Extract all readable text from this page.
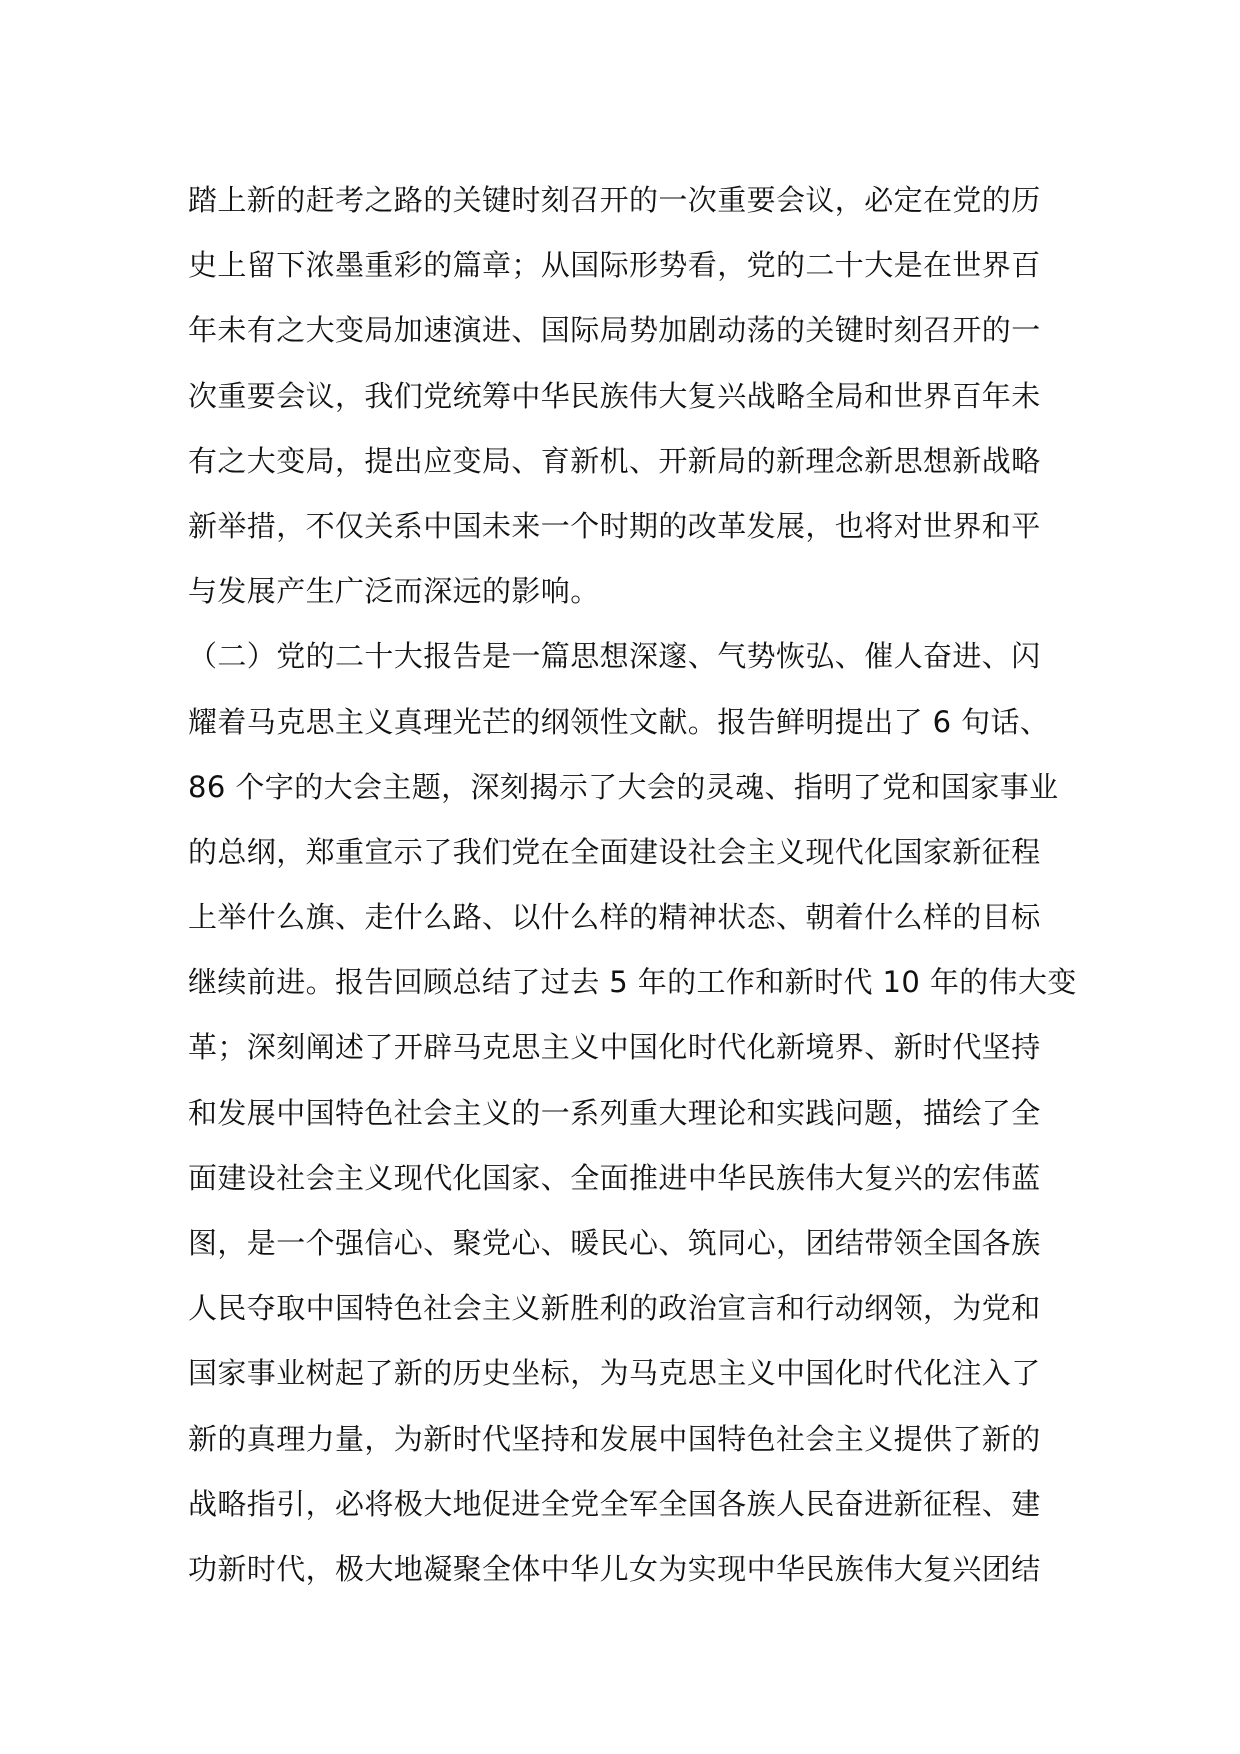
踏上新的赶考之路的关键时刻召开的一次重要会议，必定在党的历
史上留下浓墨重彩的篇章；从国际形势看，党的二十大是在世界百
年未有之大变局加速演进、国际局势加剧动荡的关键时刻召开的一
次重要会议，我们党统筹中华民族伟大复兴战略全局和世界百年未
有之大变局，提出应变局、育新机、开新局的新理念新思想新战略
新举措，不仅关系中国未来一个时期的改革发展，也将对世界和平
与发展产生广泛而深远的影响。
（二）党的二十大报告是一篇思想深邃、气势恢弘、催人奋进、闪
耀着马克思主义真理光芒的纲领性文献。报告鲜明提出了 6 句话、
86 个字的大会主题，深刻揭示了大会的灵魂、指明了党和国家事业
的总纲，郑重宣示了我们党在全面建设社会主义现代化国家新征程
上举什么旗、走什么路、以什么样的精神状态、朝着什么样的目标
继续前进。报告回顾总结了过去 5 年的工作和新时代 10 年的伟大变
革；深刻阐述了开辟马克思主义中国化时代化新境界、新时代坚持
和发展中国特色社会主义的一系列重大理论和实践问题，描绘了全
面建设社会主义现代化国家、全面推进中华民族伟大复兴的宏伟蓝
图，是一个强信心、聚党心、暖民心、筑同心，团结带领全国各族
人民夺取中国特色社会主义新胜利的政治宣言和行动纲领，为党和
国家事业树起了新的历史坐标，为马克思主义中国化时代化注入了
新的真理力量，为新时代坚持和发展中国特色社会主义提供了新的
战略指引，必将极大地促进全党全军全国各族人民奋进新征程、建
功新时代，极大地凝聚全体中华儿女为实现中华民族伟大复兴团结
